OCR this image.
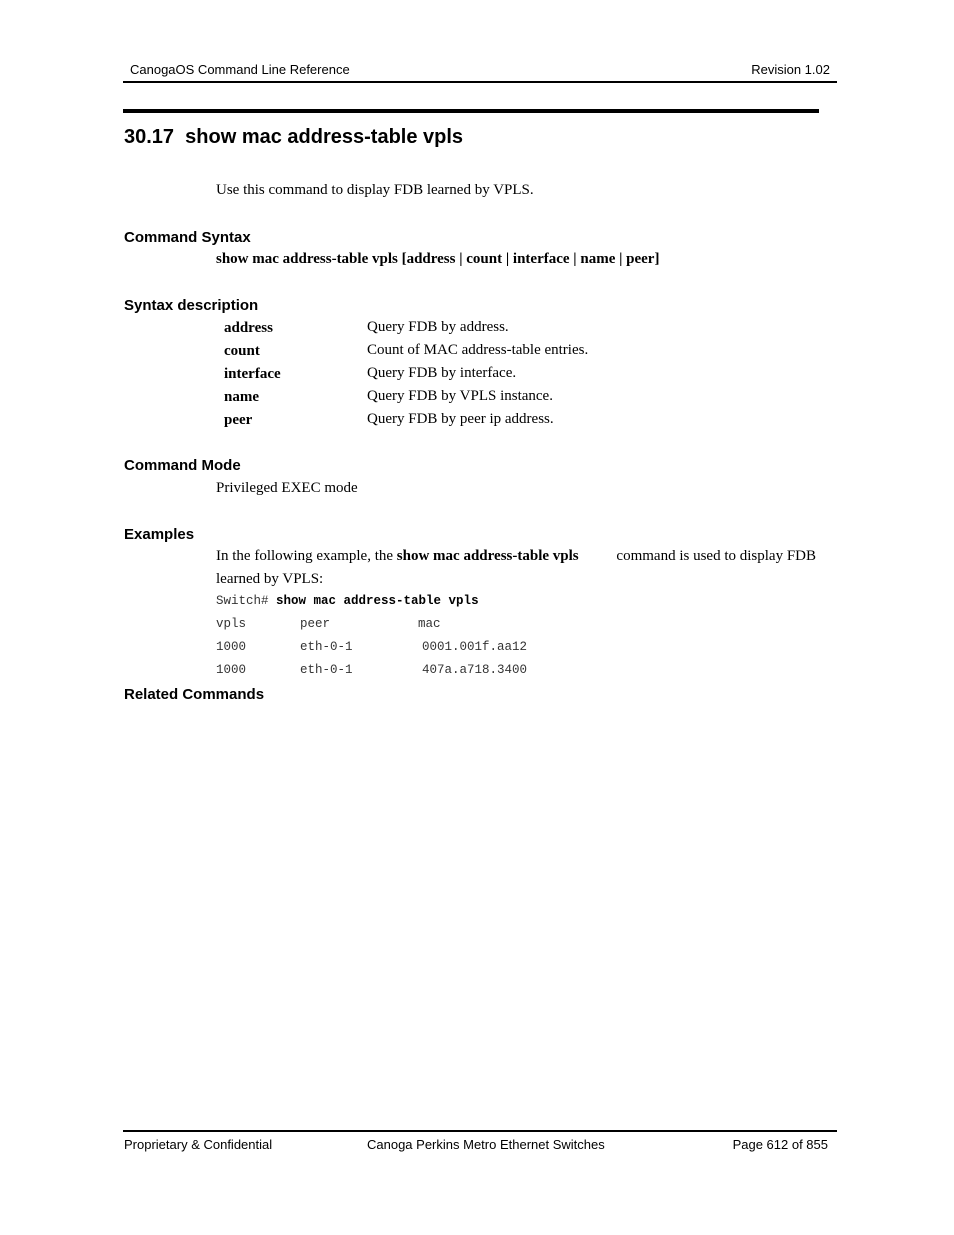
CanogaOS Command Line Reference	Revision 1.02
30.17  show mac address-table vpls
Use this command to display FDB learned by VPLS.
Command Syntax
show mac address-table vpls [address | count | interface | name | peer]
Syntax description
address	Query FDB by address.
count	Count of MAC address-table entries.
interface	Query FDB by interface.
name	Query FDB by VPLS instance.
peer	Query FDB by peer ip address.
Command Mode
Privileged EXEC mode
Examples
In the following example, the show mac address-table vpls	command is used to display FDB
learned by VPLS:
Switch# show mac address-table vpls
vpls	peer	mac
1000	eth-0-1	0001.001f.aa12
1000	eth-0-1	407a.a718.3400
Related Commands
Proprietary & Confidential	Canoga Perkins Metro Ethernet Switches	Page 612 of 855
